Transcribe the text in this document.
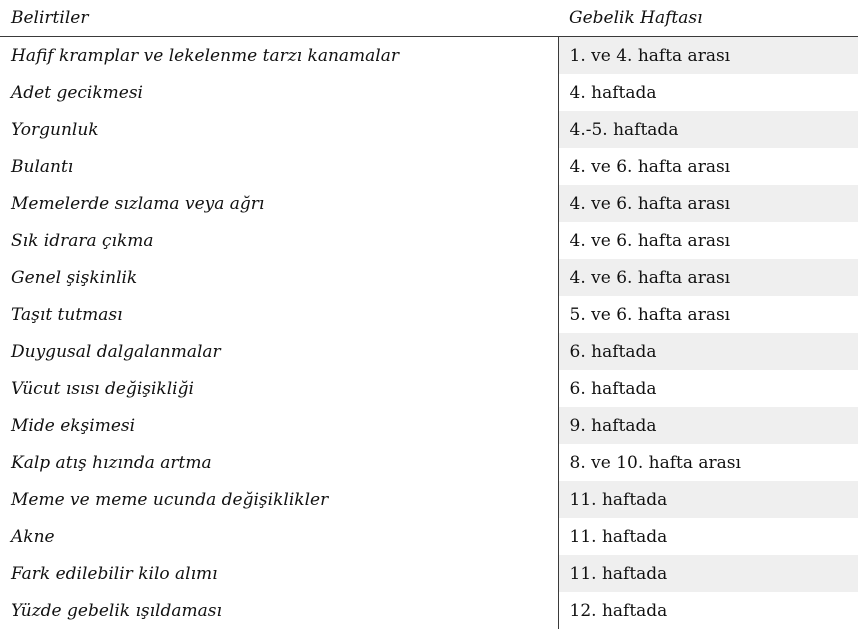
Belirtiler	Gebelik Haftası
Hafif kramplar ve lekelenme tarzı kanamalar	1. ve 4. hafta arası
Adet gecikmesi	4. haftada
Yorgunluk	4.-5. haftada
Bulantı	4. ve 6. hafta arası
Memelerde sızlama veya ağrı	4. ve 6. hafta arası
Sık idrara çıkma	4. ve 6. hafta arası
Genel şişkinlik	4. ve 6. hafta arası
Taşıt tutması	5. ve 6. hafta arası
Duygusal dalgalanmalar	6. haftada
Vücut ısısı değişikliği	6. haftada
Mide ekşimesi	9. haftada
Kalp atış hızında artma	8. ve 10. hafta arası
Meme ve meme ucunda değişiklikler	11. haftada
Akne	11. haftada
Fark edilebilir kilo alımı	11. haftada
Yüzde gebelik ışıldaması	12. haftada
